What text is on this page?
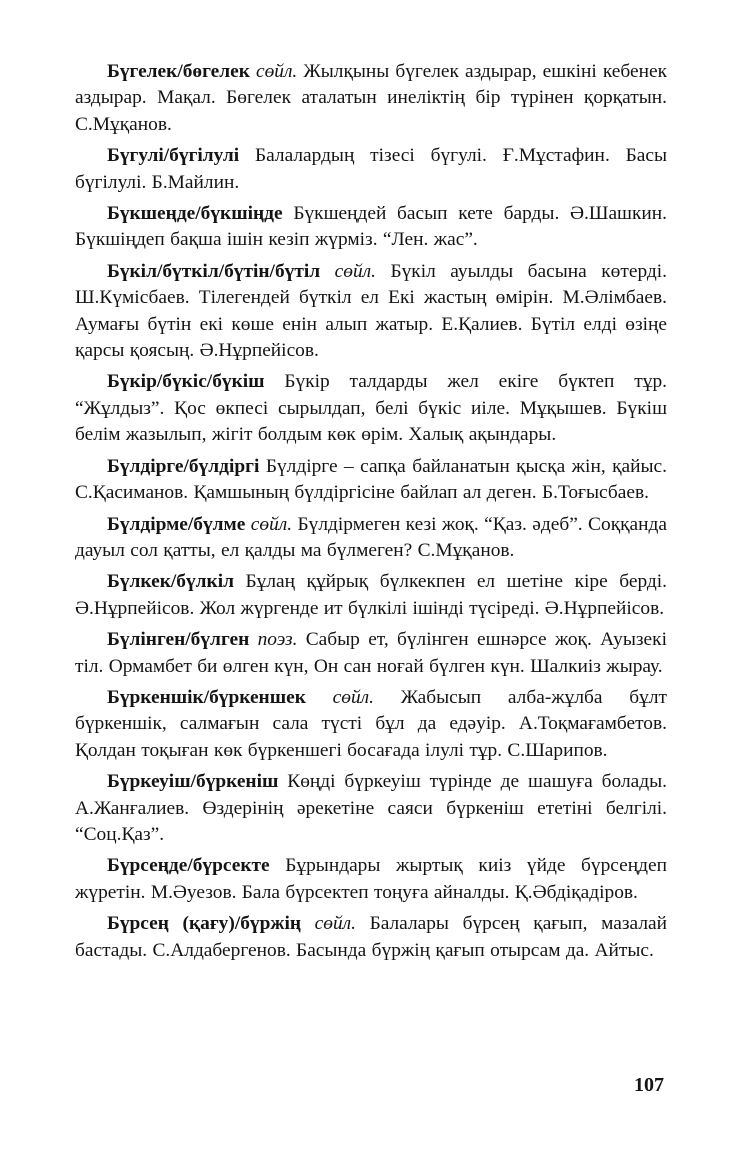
Бүгелек/бөгелек сөйл. Жылқыны бүгелек аздырар, ешкіні кебенек аздырар. Мақал. Бөгелек аталатын инеліктің бір түрінен қорқатын. С.Мұқанов.

Бүгулі/бүгілулі Балалардың тізесі бүгулі. Ғ.Мұстафин. Басы бүгілулі. Б.Майлин.

Бүкшеңде/бүкшіңде Бүкшеңдей басып кете барды. Ә.Шашкин. Бүкшіңдеп бақша ішін кезіп жүрміз. “Лен. жас”.

Бүкіл/бүткіл/бүтін/бүтіл сөйл. Бүкіл ауылды басына көтерді. Ш.Күмісбаев. Тілегендей бүткіл ел Екі жастың өмірін. М.Әлімбаев. Аумағы бүтін екі көше енін алып жатыр. Е.Қалиев. Бүтіл елді өзіңе қарсы қоясың. Ә.Нұрпейісов.

Бүкір/бүкіс/бүкіш Бүкір талдарды жел екіге бүктеп тұр. “Жұлдыз”. Қос өкпесі сырылдап, белі бүкіс иіле. Мұқышев. Бүкіш белім жазылып, жігіт болдым көк өрім. Халық ақындары.

Бүлдірге/бүлдіргі Бүлдірге – сапқа байланатын қысқа жін, қайыс. С.Қасиманов. Қамшының бүлдіргісіне байлап ал деген. Б.Тоғысбаев.

Бүлдірме/бүлме сөйл. Бүлдірмеген кезі жоқ. “Қаз. әдеб”. Соққанда дауыл сол қатты, ел қалды ма бүлмеген? С.Мұқанов.

Бүлкек/бүлкіл Бұлаң құйрық бүлкекпен ел шетіне кіре берді. Ә.Нұрпейісов. Жол жүргенде ит бүлкілі ішінді түсіреді. Ә.Нұрпейісов.

Бүлінген/бүлген поэз. Сабыр ет, бүлінген ешнәрсе жоқ. Ауызекі тіл. Ормамбет би өлген күн, Он сан ноғай бүлген күн. Шалкиіз жырау.

Бүркеншік/бүркеншек сөйл. Жабысып алба-жұлба бұлт бүркеншік, салмағын сала түсті бұл да едәуір. А.Тоқмағамбетов. Қолдан тоқыған көк бүркеншегі босағада ілулі тұр. С.Шарипов.

Бүркеуіш/бүркеніш Көңді бүркеуіш түрінде де шашуға болады. А.Жанғалиев. Өздерінің әрекетіне саяси бүркеніш ететіні белгілі. “Соц.Қаз”.

Бүрсеңде/бүрсекте Бұрындары жыртық киіз үйде бүрсеңдеп жүретін. М.Әуезов. Бала бүрсектеп тоңуға айналды. Қ.Әбдіқадіров.

Бүрсең (қағу)/бүржің сөйл. Балалары бүрсең қағып, мазалай бастады. С.Алдабергенов. Басында бүржің қағып отырсам да. Айтыс.

107
